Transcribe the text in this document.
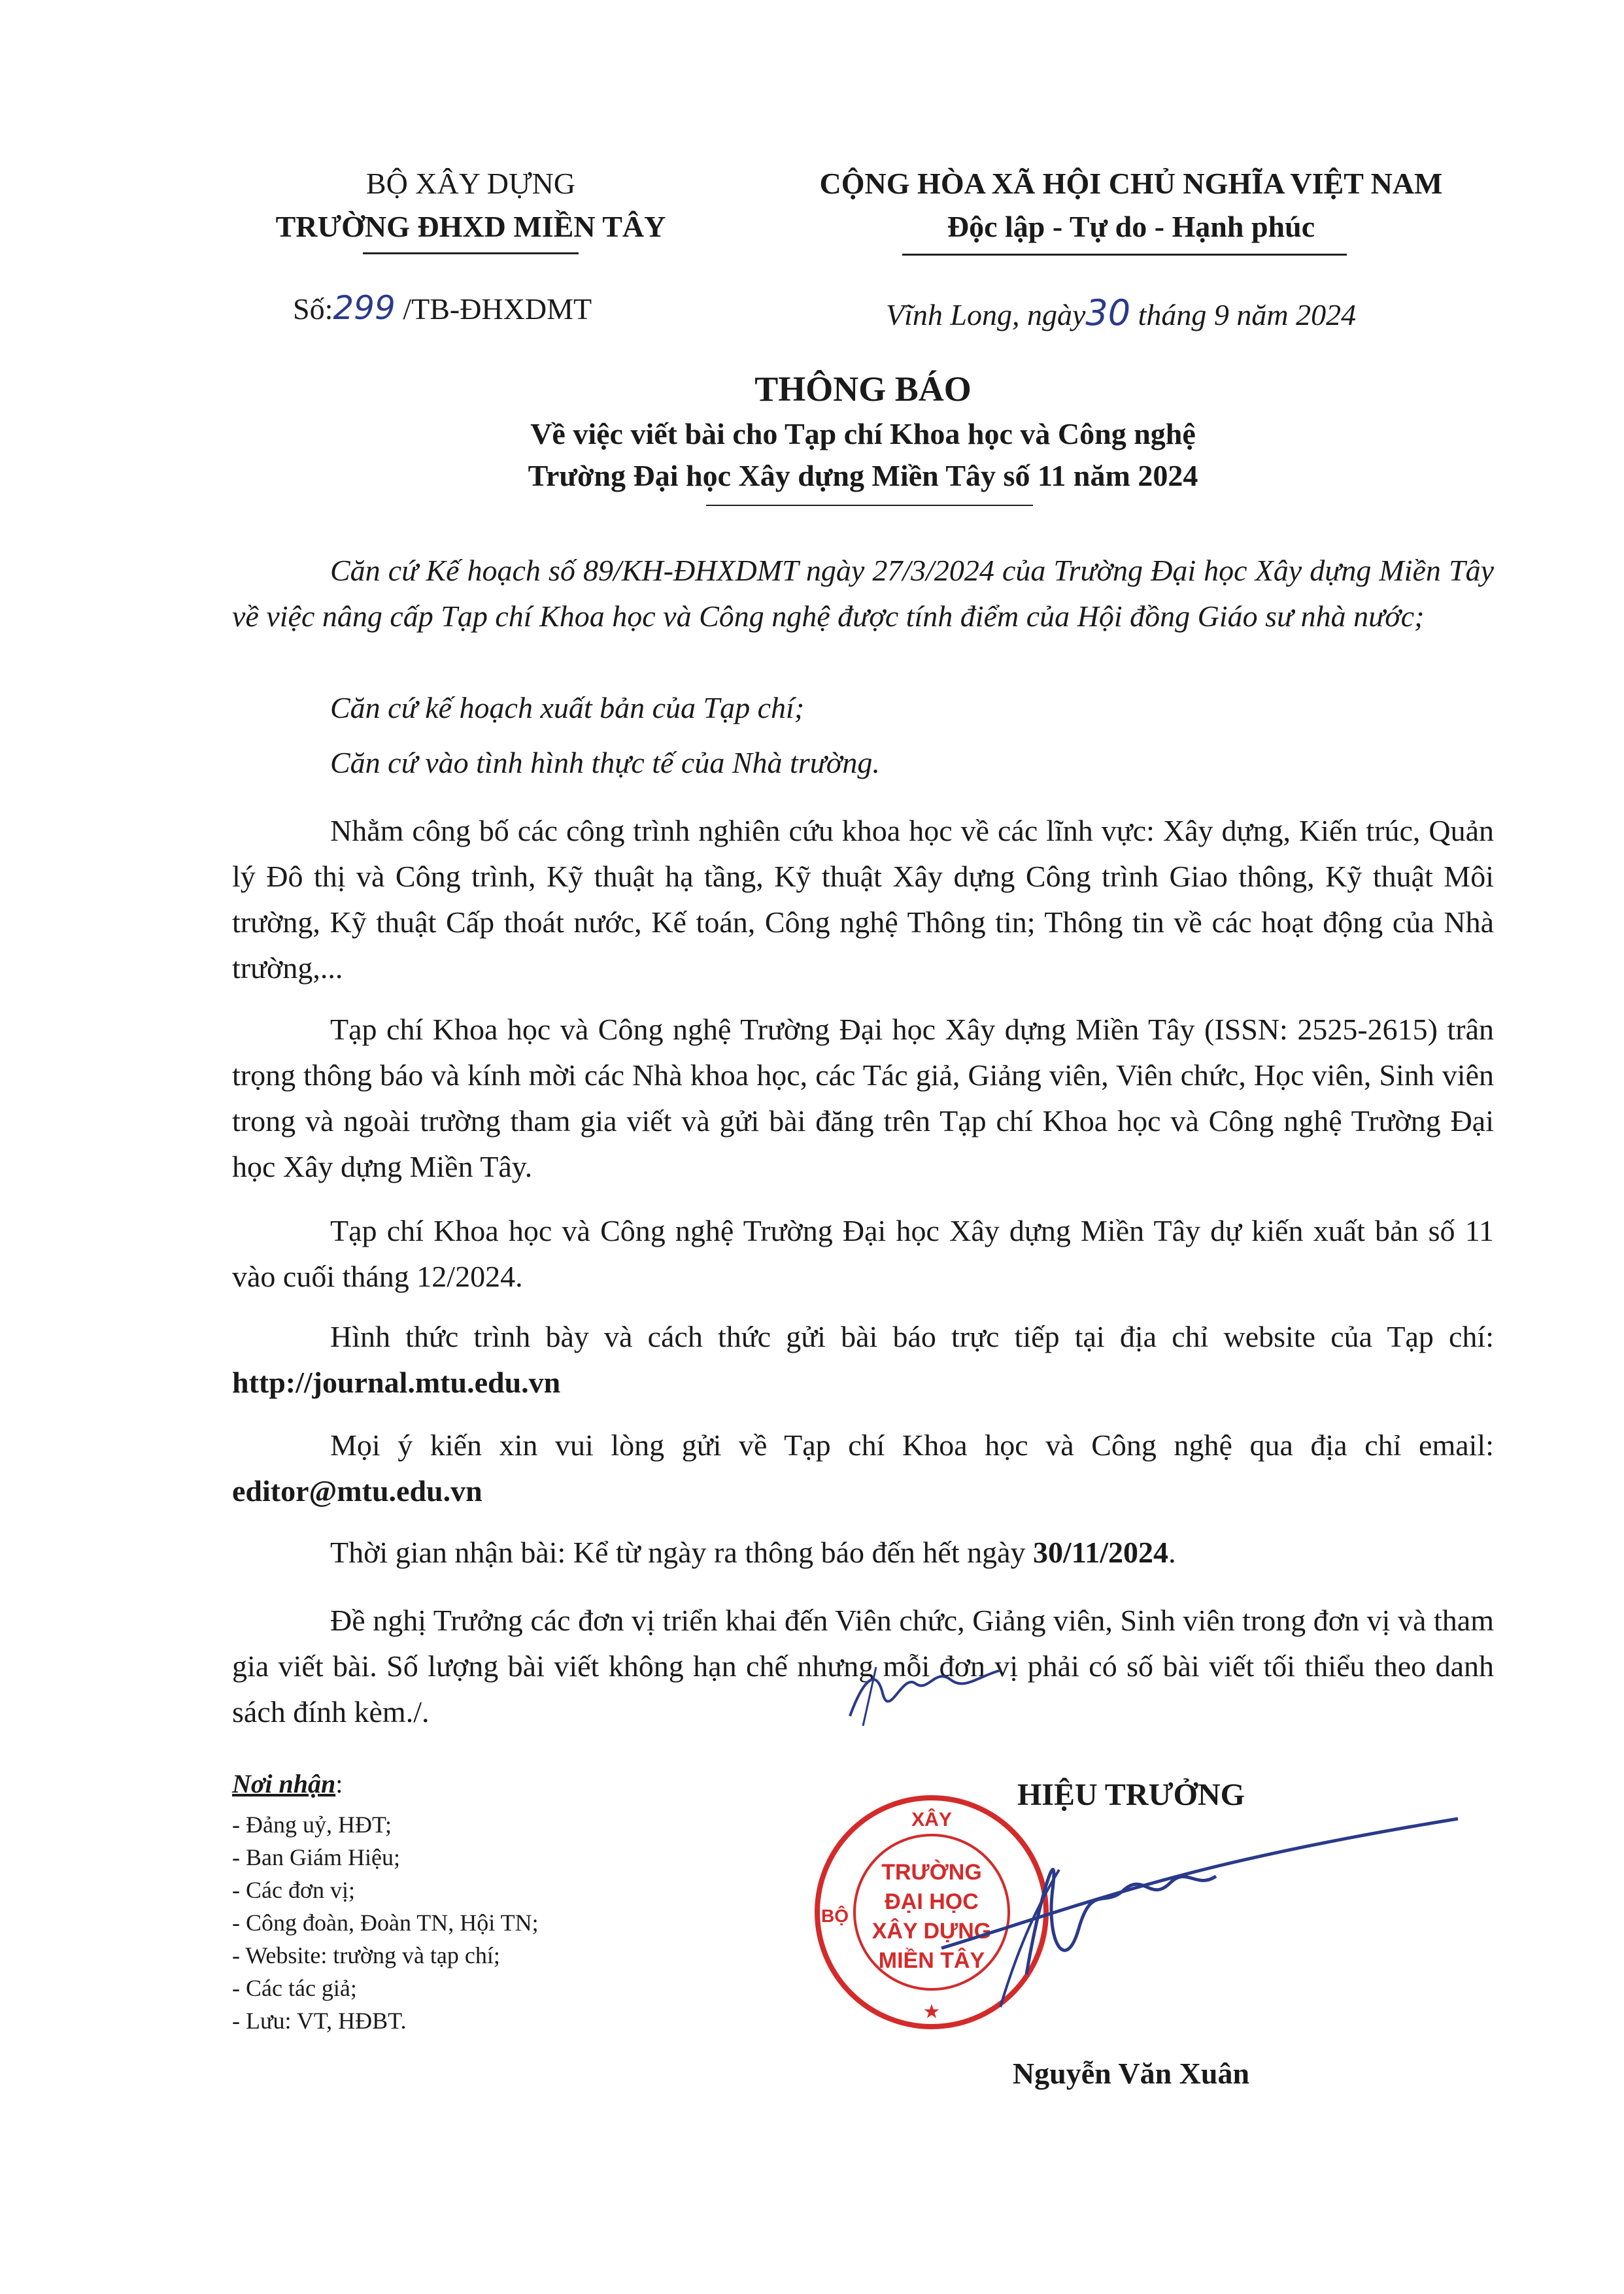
BỘ XÂY DỰNG
TRƯỜNG ĐHXD MIỀN TÂY
CỘNG HÒA XÃ HỘI CHỦ NGHĨA VIỆT NAM
Độc lập - Tự do - Hạnh phúc
Số:299 /TB-ĐHXDMT	Vĩnh Long, ngày30 tháng 9 năm 2024
THÔNG BÁO
Về việc viết bài cho Tạp chí Khoa học và Công nghệ
Trường Đại học Xây dựng Miền Tây số 11 năm 2024

Căn cứ Kế hoạch số 89/KH-ĐHXDMT ngày 27/3/2024 của Trường Đại học Xây dựng Miền Tây về việc nâng cấp Tạp chí Khoa học và Công nghệ được tính điểm của Hội đồng Giáo sư nhà nước;

Căn cứ kế hoạch xuất bản của Tạp chí;

Căn cứ vào tình hình thực tế của Nhà trường.

Nhằm công bố các công trình nghiên cứu khoa học về các lĩnh vực: Xây dựng, Kiến trúc, Quản lý Đô thị và Công trình, Kỹ thuật hạ tầng, Kỹ thuật Xây dựng Công trình Giao thông, Kỹ thuật Môi trường, Kỹ thuật Cấp thoát nước, Kế toán, Công nghệ Thông tin; Thông tin về các hoạt động của Nhà trường,...

Tạp chí Khoa học và Công nghệ Trường Đại học Xây dựng Miền Tây (ISSN: 2525-2615) trân trọng thông báo và kính mời các Nhà khoa học, các Tác giả, Giảng viên, Viên chức, Học viên, Sinh viên trong và ngoài trường tham gia viết và gửi bài đăng trên Tạp chí Khoa học và Công nghệ Trường Đại học Xây dựng Miền Tây.

Tạp chí Khoa học và Công nghệ Trường Đại học Xây dựng Miền Tây dự kiến xuất bản số 11 vào cuối tháng 12/2024.

Hình thức trình bày và cách thức gửi bài báo trực tiếp tại địa chỉ website của Tạp chí: http://journal.mtu.edu.vn

Mọi ý kiến xin vui lòng gửi về Tạp chí Khoa học và Công nghệ qua địa chỉ email: editor@mtu.edu.vn

Thời gian nhận bài: Kể từ ngày ra thông báo đến hết ngày 30/11/2024.

Đề nghị Trưởng các đơn vị triển khai đến Viên chức, Giảng viên, Sinh viên trong đơn vị và tham gia viết bài. Số lượng bài viết không hạn chế nhưng mỗi đơn vị phải có số bài viết tối thiểu theo danh sách đính kèm./.

Nơi nhận:
- Đảng uỷ, HĐT;
- Ban Giám Hiệu;
- Các đơn vị;
- Công đoàn, Đoàn TN, Hội TN;
- Website: trường và tạp chí;
- Các tác giả;
- Lưu: VT, HĐBT.
HIỆU TRƯỞNG
XÂY
BỘ
TRƯỜNG
ĐẠI HỌC
XÂY DỰNG
MIỀN TÂY
★
Nguyễn Văn Xuân
